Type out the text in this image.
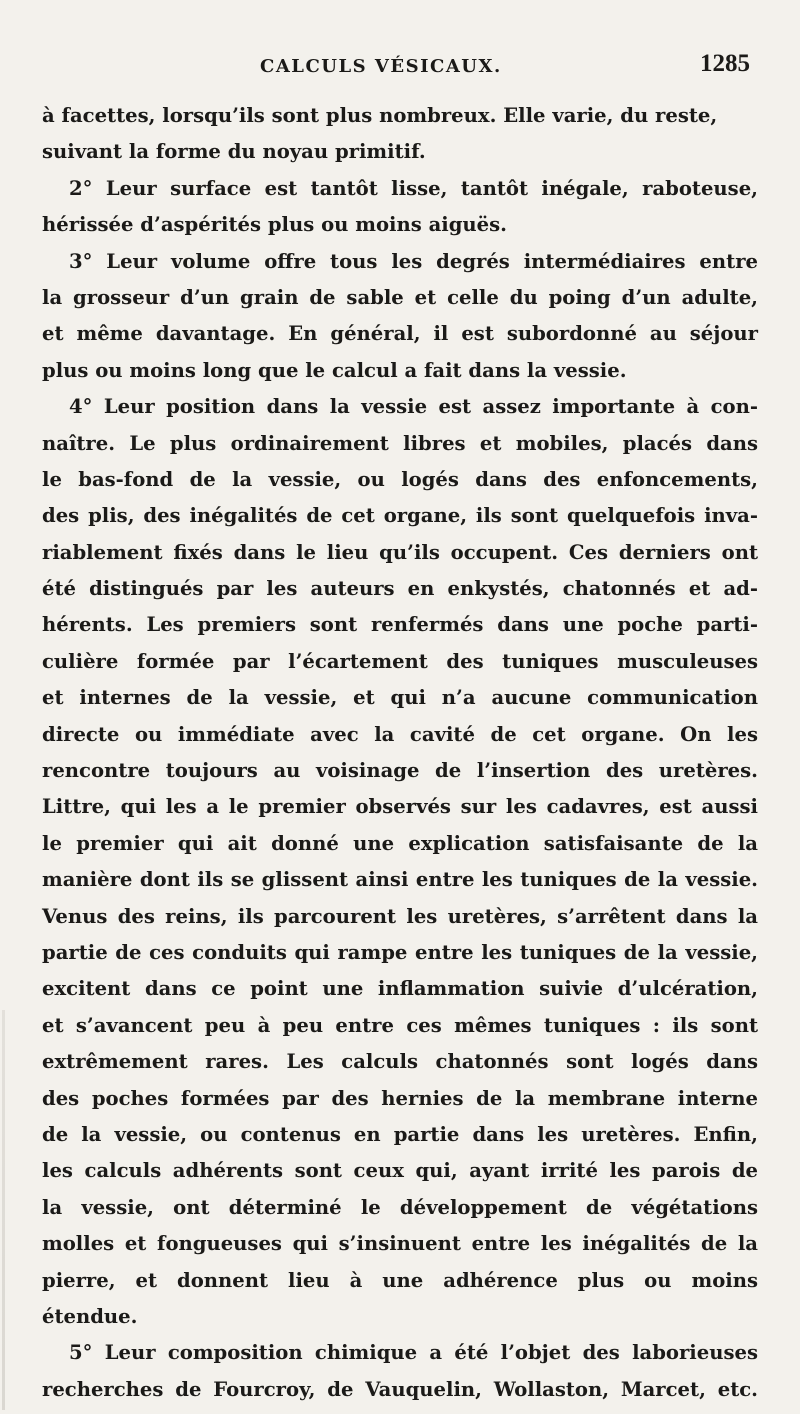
CALCULS VÉSICAUX.	1285
à facettes, lorsqu’ils sont plus nombreux. Elle varie, du reste,
suivant la forme du noyau primitif.
2° Leur surface est tantôt lisse, tantôt inégale, raboteuse,
hérissée d’aspérités plus ou moins aiguës.
3° Leur volume offre tous les degrés intermédiaires entre
la grosseur d’un grain de sable et celle du poing d’un adulte,
et même davantage. En général, il est subordonné au séjour
plus ou moins long que le calcul a fait dans la vessie.
4° Leur position dans la vessie est assez importante à con-
naître. Le plus ordinairement libres et mobiles, placés dans
le bas-fond de la vessie, ou logés dans des enfoncements,
des plis, des inégalités de cet organe, ils sont quelquefois inva-
riablement fixés dans le lieu qu’ils occupent. Ces derniers ont
été distingués par les auteurs en enkystés, chatonnés et ad-
hérents. Les premiers sont renfermés dans une poche parti-
culière formée par l’écartement des tuniques musculeuses
et internes de la vessie, et qui n’a aucune communication
directe ou immédiate avec la cavité de cet organe. On les
rencontre toujours au voisinage de l’insertion des uretères.
Littre, qui les a le premier observés sur les cadavres, est aussi
le premier qui ait donné une explication satisfaisante de la
manière dont ils se glissent ainsi entre les tuniques de la vessie.
Venus des reins, ils parcourent les uretères, s’arrêtent dans la
partie de ces conduits qui rampe entre les tuniques de la vessie,
excitent dans ce point une inflammation suivie d’ulcération,
et s’avancent peu à peu entre ces mêmes tuniques : ils sont
extrêmement rares. Les calculs chatonnés sont logés dans
des poches formées par des hernies de la membrane interne
de la vessie, ou contenus en partie dans les uretères. Enfin,
les calculs adhérents sont ceux qui, ayant irrité les parois de
la vessie, ont déterminé le développement de végétations
molles et fongueuses qui s’insinuent entre les inégalités de la
pierre, et donnent lieu à une adhérence plus ou moins
étendue.
5° Leur composition chimique a été l’objet des laborieuses
recherches de Fourcroy, de Vauquelin, Wollaston, Marcet, etc.
